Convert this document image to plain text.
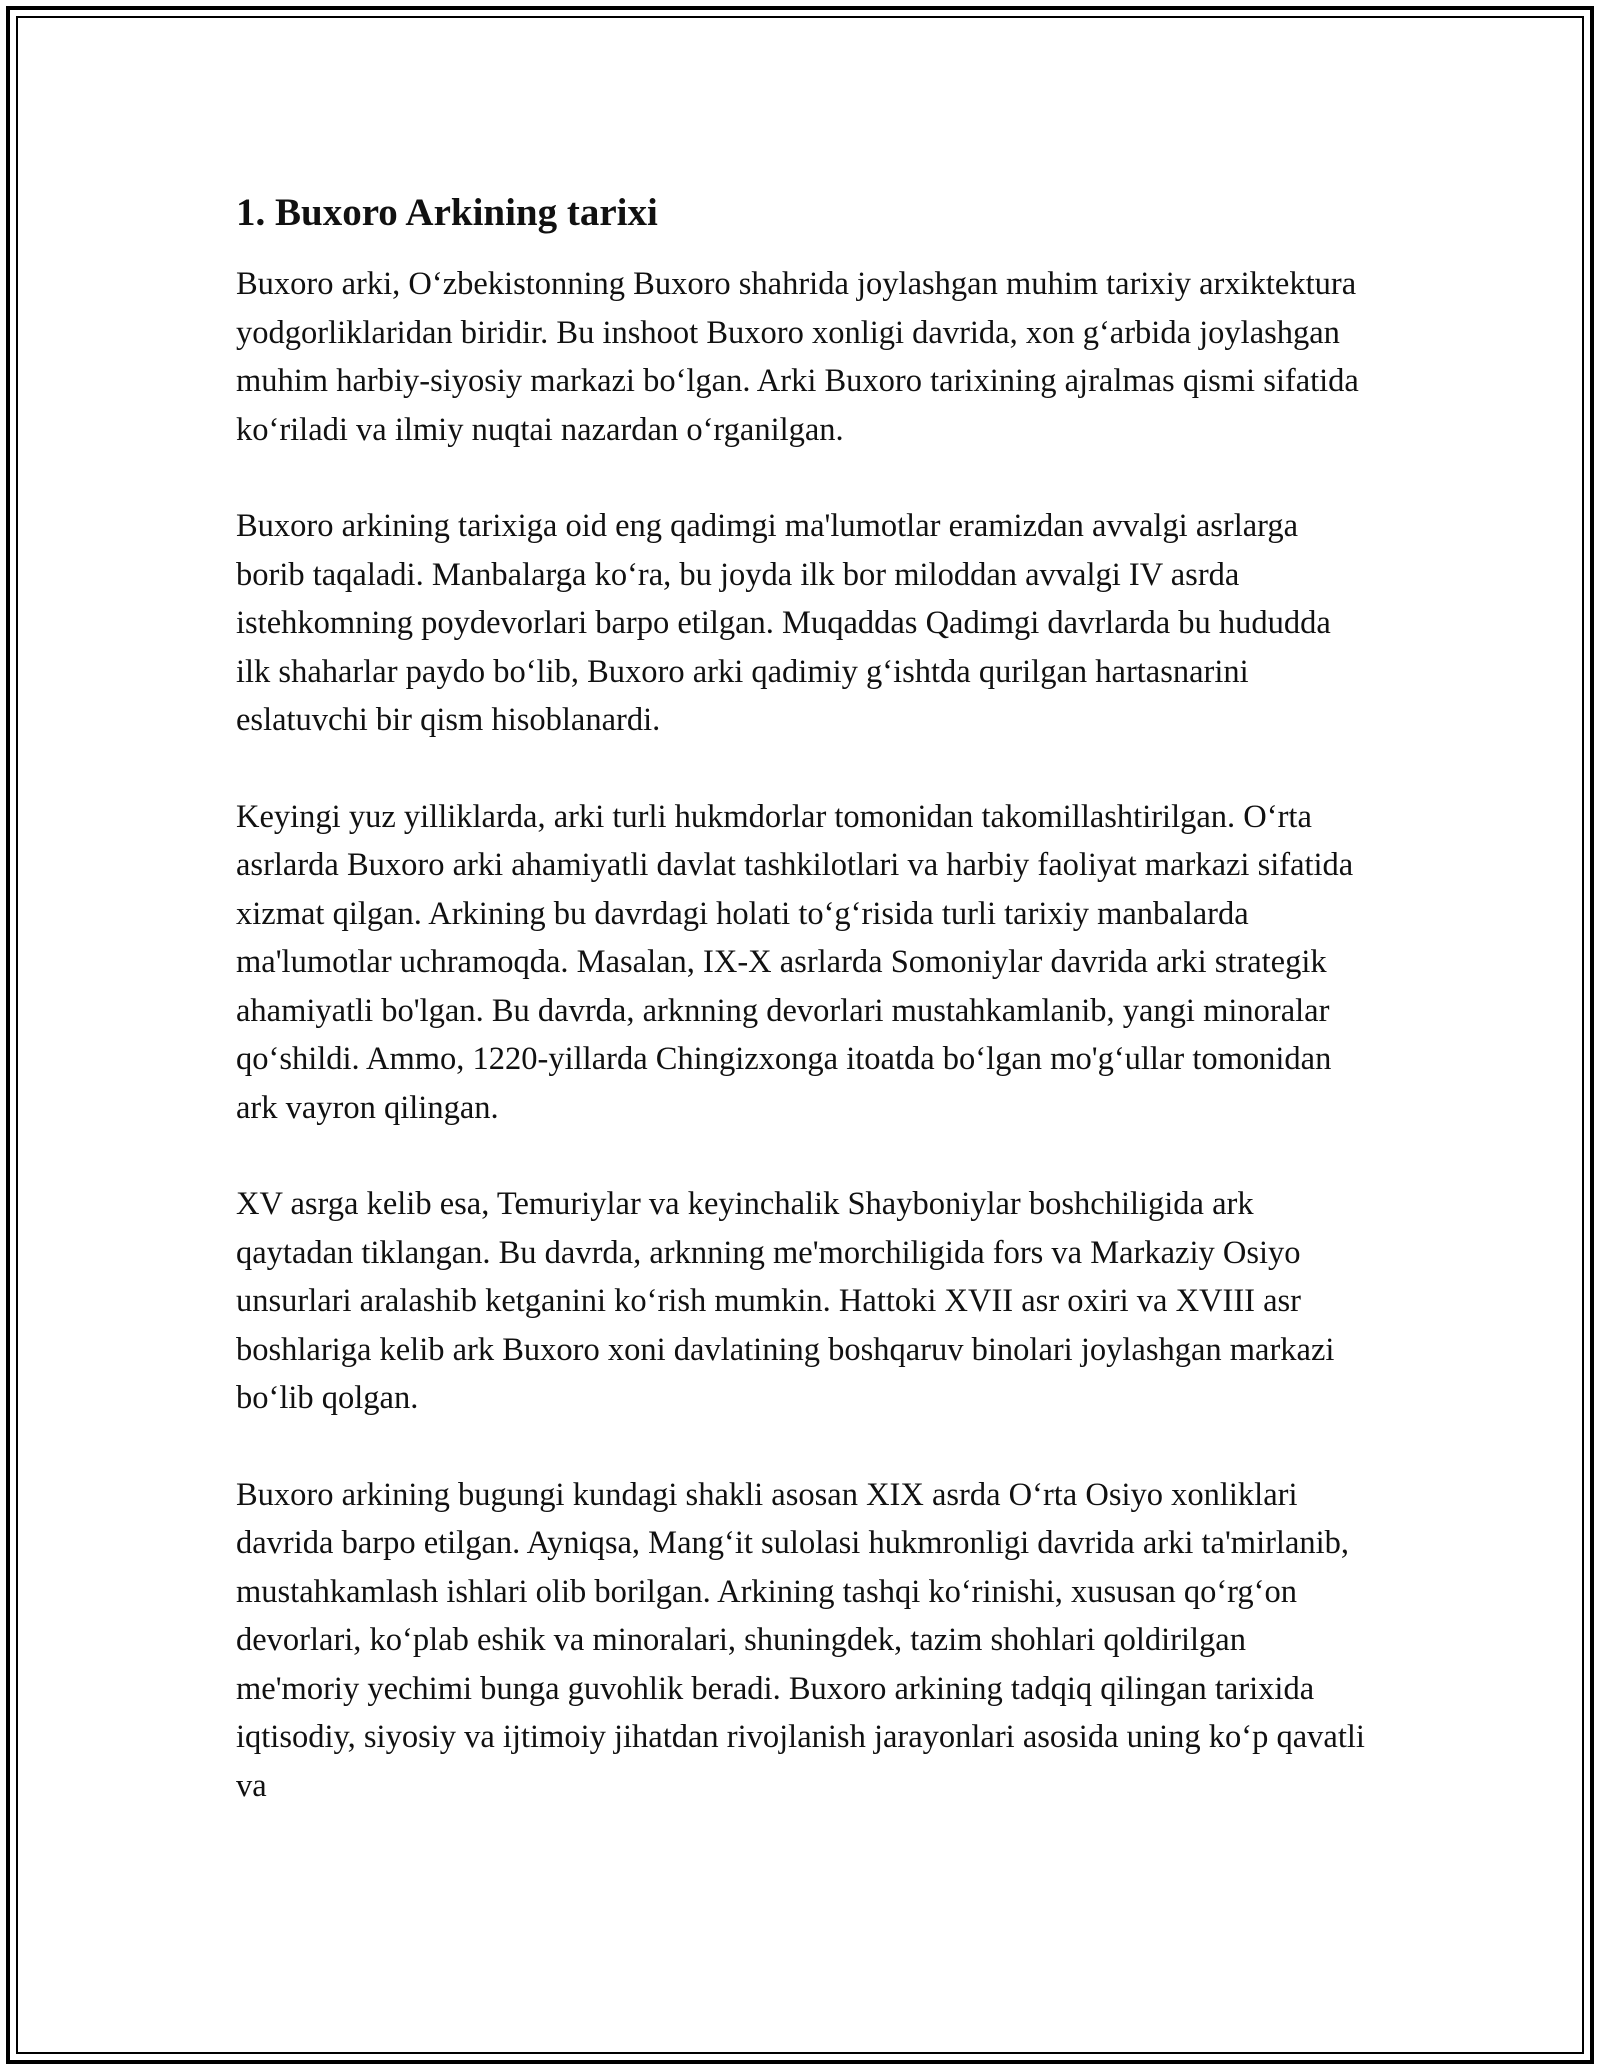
1. Buxoro Arkining tarixi

Buxoro arki, O‘zbekistonning Buxoro shahrida joylashgan muhim tarixiy arxiktektura yodgorliklaridan biridir. Bu inshoot Buxoro xonligi davrida, xon g‘arbida joylashgan muhim harbiy-siyosiy markazi bo‘lgan. Arki Buxoro tarixining ajralmas qismi sifatida ko‘riladi va ilmiy nuqtai nazardan o‘rganilgan.

Buxoro arkining tarixiga oid eng qadimgi ma'lumotlar eramizdan avvalgi asrlarga borib taqaladi. Manbalarga ko‘ra, bu joyda ilk bor miloddan avvalgi IV asrda istehkomning poydevorlari barpo etilgan. Muqaddas Qadimgi davrlarda bu hududda ilk shaharlar paydo bo‘lib, Buxoro arki qadimiy g‘ishtda qurilgan hartasnarini eslatuvchi bir qism hisoblanardi.

Keyingi yuz yilliklarda, arki turli hukmdorlar tomonidan takomillashtirilgan. O‘rta asrlarda Buxoro arki ahamiyatli davlat tashkilotlari va harbiy faoliyat markazi sifatida xizmat qilgan. Arkining bu davrdagi holati to‘g‘risida turli tarixiy manbalarda ma'lumotlar uchramoqda. Masalan, IX-X asrlarda Somoniylar davrida arki strategik ahamiyatli bo'lgan. Bu davrda, arknning devorlari mustahkamlanib, yangi minoralar qo‘shildi. Ammo, 1220-yillarda Chingizxonga itoatda bo‘lgan mo'g‘ullar tomonidan ark vayron qilingan.

XV asrga kelib esa, Temuriylar va keyinchalik Shayboniylar boshchiligida ark qaytadan tiklangan. Bu davrda, arknning me'morchiligida fors va Markaziy Osiyo unsurlari aralashib ketganini ko‘rish mumkin. Hattoki XVII asr oxiri va XVIII asr boshlariga kelib ark Buxoro xoni davlatining boshqaruv binolari joylashgan markazi bo‘lib qolgan.

Buxoro arkining bugungi kundagi shakli asosan XIX asrda O‘rta Osiyo xonliklari davrida barpo etilgan. Ayniqsa, Mang‘it sulolasi hukmronligi davrida arki ta'mirlanib, mustahkamlash ishlari olib borilgan. Arkining tashqi ko‘rinishi, xususan qo‘rg‘on devorlari, ko‘plab eshik va minoralari, shuningdek, tazim shohlari qoldirilgan me'moriy yechimi bunga guvohlik beradi. Buxoro arkining tadqiq qilingan tarixida iqtisodiy, siyosiy va ijtimoiy jihatdan rivojlanish jarayonlari asosida uning ko‘p qavatli va
